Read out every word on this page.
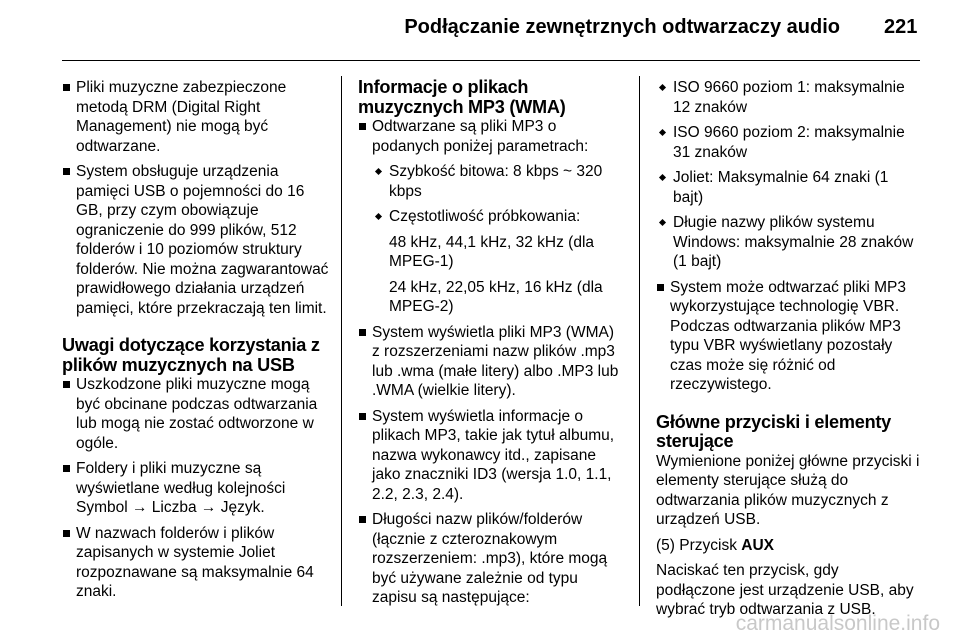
Podłączanie zewnętrznych odtwarzaczy audio 221
Pliki muzyczne zabezpieczone metodą DRM (Digital Right Management) nie mogą być odtwarzane.
System obsługuje urządzenia pamięci USB o pojemności do 16 GB, przy czym obowiązuje ograniczenie do 999 plików, 512 folderów i 10 poziomów struktury folderów. Nie można zagwarantować prawidłowego działania urządzeń pamięci, które przekraczają ten limit.
Uwagi dotyczące korzystania z plików muzycznych na USB
Uszkodzone pliki muzyczne mogą być obcinane podczas odtwarzania lub mogą nie zostać odtworzone w ogóle.
Foldery i pliki muzyczne są wyświetlane według kolejności Symbol → Liczba → Język.
W nazwach folderów i plików zapisanych w systemie Joliet rozpoznawane są maksymalnie 64 znaki.
Informacje o plikach muzycznych MP3 (WMA)
Odtwarzane są pliki MP3 o podanych poniżej parametrach:
Szybkość bitowa: 8 kbps ~ 320 kbps
Częstotliwość próbkowania:
48 kHz, 44,1 kHz, 32 kHz (dla MPEG-1)
24 kHz, 22,05 kHz, 16 kHz (dla MPEG-2)
System wyświetla pliki MP3 (WMA) z rozszerzeniami nazw plików .mp3 lub .wma (małe litery) albo .MP3 lub .WMA (wielkie litery).
System wyświetla informacje o plikach MP3, takie jak tytuł albumu, nazwa wykonawcy itd., zapisane jako znaczniki ID3 (wersja 1.0, 1.1, 2.2, 2.3, 2.4).
Długości nazw plików/folderów (łącznie z czteroznakowym rozszerzeniem: .mp3), które mogą być używane zależnie od typu zapisu są następujące:
ISO 9660 poziom 1: maksymalnie 12 znaków
ISO 9660 poziom 2: maksymalnie 31 znaków
Joliet: Maksymalnie 64 znaki (1 bajt)
Długie nazwy plików systemu Windows: maksymalnie 28 znaków (1 bajt)
System może odtwarzać pliki MP3 wykorzystujące technologię VBR. Podczas odtwarzania plików MP3 typu VBR wyświetlany pozostały czas może się różnić od rzeczywistego.
Główne przyciski i elementy sterujące

Wymienione poniżej główne przyciski i elementy sterujące służą do odtwarzania plików muzycznych z urządzeń USB.

(5) Przycisk AUX

Naciskać ten przycisk, gdy podłączone jest urządzenie USB, aby wybrać tryb odtwarzania z USB.

carmanualsonline.info
